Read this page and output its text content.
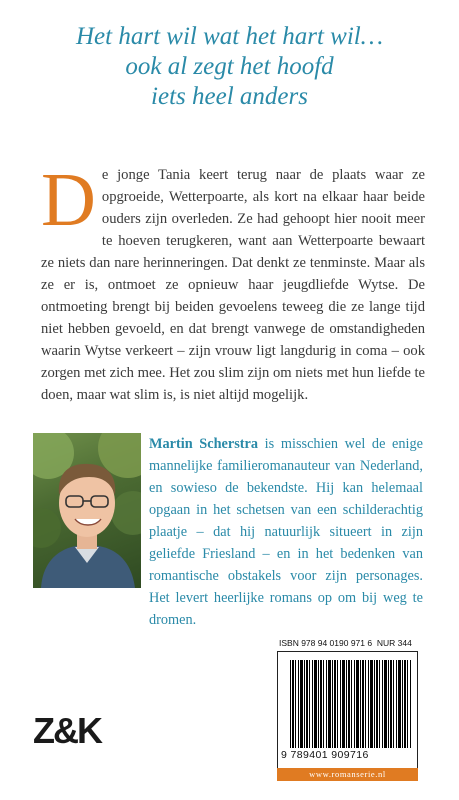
Het hart wil wat het hart wil…
ook al zegt het hoofd
iets heel anders
De jonge Tania keert terug naar de plaats waar ze opgroeide, Wetterpoarte, als kort na elkaar haar beide ouders zijn overleden. Ze had gehoopt hier nooit meer te hoeven terugkeren, want aan Wetterpoarte bewaart ze niets dan nare herinneringen. Dat denkt ze tenminste. Maar als ze er is, ontmoet ze opnieuw haar jeugdliefde Wytse. De ontmoeting brengt bij beiden gevoelens teweeg die ze lange tijd niet hebben gevoeld, en dat brengt vanwege de omstandigheden waarin Wytse verkeert – zijn vrouw ligt langdurig in coma – ook zorgen met zich mee. Het zou slim zijn om niets met hun liefde te doen, maar wat slim is, is niet altijd mogelijk.
Martin Scherstra is misschien wel de enige mannelijke familieromanauteur van Nederland, en sowieso de bekendste. Hij kan helemaal opgaan in het schetsen van een schilderachtig plaatje – dat hij natuurlijk situeert in zijn geliefde Friesland – en in het bedenken van romantische obstakels voor zijn personages. Het levert heerlijke romans op om bij weg te dromen.
ISBN 978 94 0190 971 6 NUR 344
9 789401 909716
www.romanserie.nl
Z&K
